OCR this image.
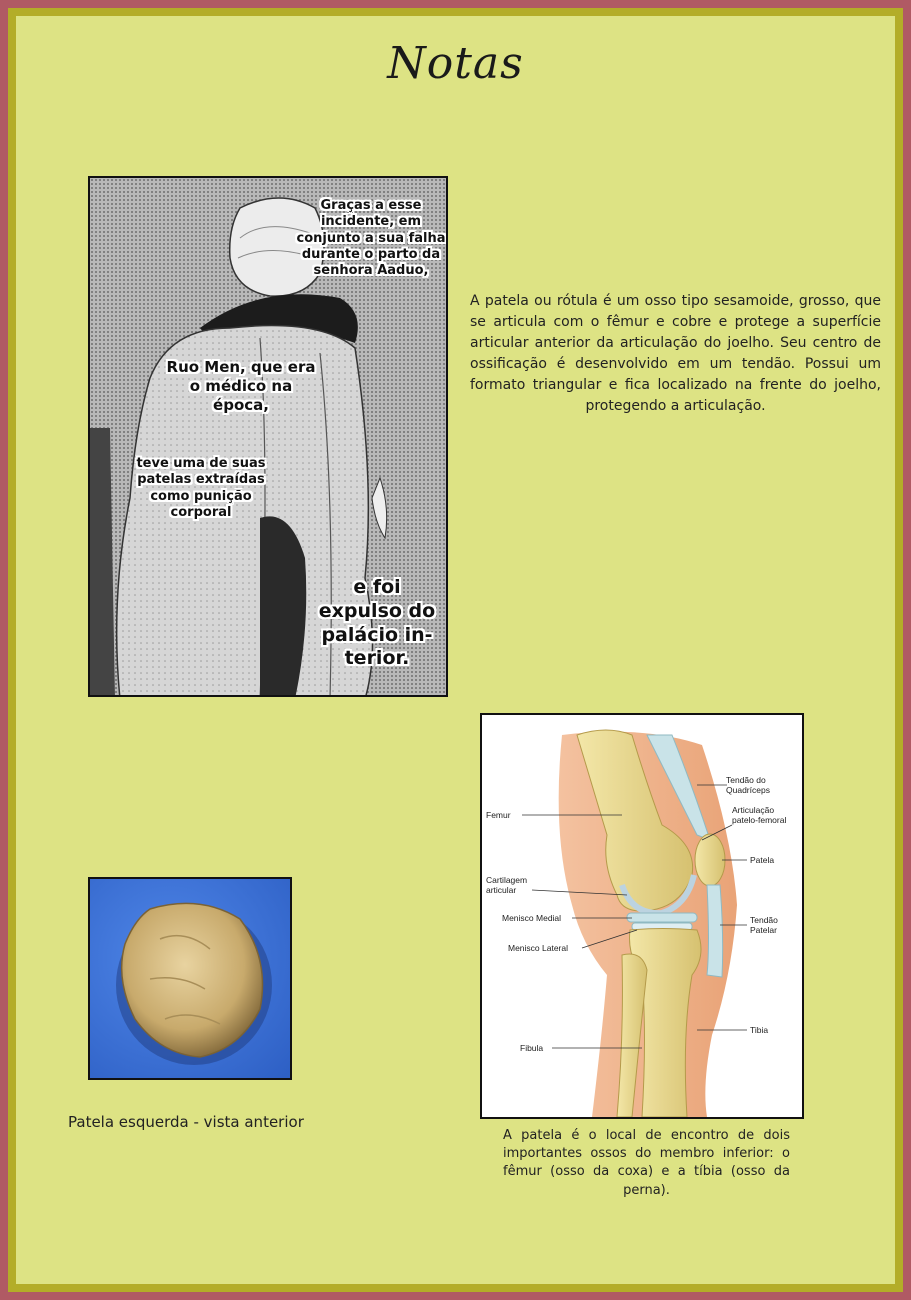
Notas
Graças a esse incidente, em conjunto a sua falha durante o parto da senhora Aaduo,
Ruo Men, que era o médico na época,
teve uma de suas patelas extraídas como punição corporal
e foi expulso do palácio in-terior.
A patela ou rótula é um osso tipo sesamoide, grosso, que se articula com o fêmur e cobre e protege a superfície articular anterior da articulação do joelho. Seu centro de ossificação é desenvolvido em um tendão. Possui um formato triangular e fica localizado na frente do joelho, protegendo a articulação.
Patela esquerda - vista anterior
Tendão do Quadríceps
Femur	Articulação patelo-femoral
Patela
Cartilagem articular
Menisco Medial	Tendão Patelar
Menisco Lateral
Tibia
Fibula
A patela é o local de encontro de dois importantes ossos do membro inferior: o fêmur (osso da coxa) e a tíbia (osso da perna).
